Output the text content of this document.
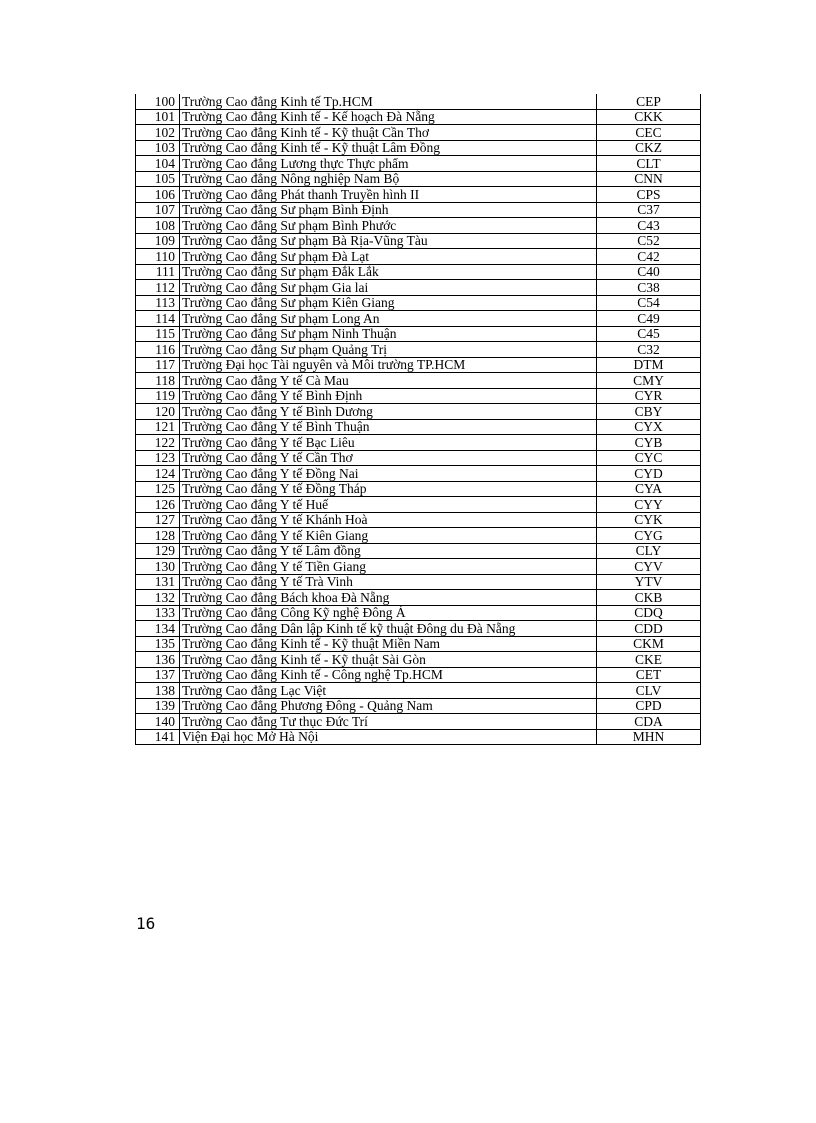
100	Trường Cao đẳng Kinh tế Tp.HCM	CEP
101	Trường Cao đẳng Kinh tế - Kế hoạch Đà Nẵng	CKK
102	Trường Cao đẳng Kinh tế - Kỹ thuật Cần Thơ	CEC
103	Trường Cao đẳng Kinh tế - Kỹ thuật Lâm Đồng	CKZ
104	Trường Cao đẳng Lương thực Thực phẩm	CLT
105	Trường Cao đẳng Nông nghiệp Nam Bộ	CNN
106	Trường Cao đẳng Phát thanh Truyền hình II	CPS
107	Trường Cao đẳng Sư phạm Bình Định	C37
108	Trường Cao đẳng Sư phạm Bình Phước	C43
109	Trường Cao đẳng Sư phạm Bà Rịa-Vũng Tàu	C52
110	Trường Cao đẳng Sư phạm Đà Lạt	C42
111	Trường Cao đẳng Sư phạm Đắk Lắk	C40
112	Trường Cao đẳng Sư phạm Gia lai	C38
113	Trường Cao đẳng Sư phạm Kiên Giang	C54
114	Trường Cao đẳng Sư phạm Long An	C49
115	Trường Cao đẳng Sư phạm Ninh Thuận	C45
116	Trường Cao đẳng Sư phạm Quảng Trị	C32
117	Trường Đại học Tài nguyên và Môi trường TP.HCM	DTM
118	Trường Cao đẳng Y tế Cà Mau	CMY
119	Trường Cao đẳng Y tế Bình Định	CYR
120	Trường Cao đẳng Y tế Bình Dương	CBY
121	Trường Cao đẳng Y tế Bình Thuận	CYX
122	Trường Cao đẳng Y tế Bạc Liêu	CYB
123	Trường Cao đẳng Y tế Cần Thơ	CYC
124	Trường Cao đẳng Y tế Đồng Nai	CYD
125	Trường Cao đẳng Y tế Đồng Tháp	CYA
126	Trường Cao đẳng Y tế Huế	CYY
127	Trường Cao đẳng Y tế Khánh Hoà	CYK
128	Trường Cao đẳng Y tế Kiên Giang	CYG
129	Trường Cao đẳng Y tế Lâm đồng	CLY
130	Trường Cao đẳng Y tế Tiền Giang	CYV
131	Trường Cao đẳng Y tế Trà Vinh	YTV
132	Trường Cao đẳng Bách khoa Đà Nẵng	CKB
133	Trường Cao đẳng Công Kỹ nghệ Đông Á	CDQ
134	Trường Cao đẳng Dân lập Kinh tế kỹ thuật Đông du Đà Nẵng	CDD
135	Trường Cao đẳng Kinh tế - Kỹ thuật Miền Nam	CKM
136	Trường Cao đẳng Kinh tế - Kỹ thuật Sài Gòn	CKE
137	Trường Cao đẳng Kinh tế - Công nghệ Tp.HCM	CET
138	Trường Cao đẳng Lạc Việt	CLV
139	Trường Cao đẳng Phương Đông - Quảng Nam	CPD
140	Trường Cao đẳng Tư thục Đức Trí	CDA
141	Viện Đại học Mở Hà Nội	MHN
16
